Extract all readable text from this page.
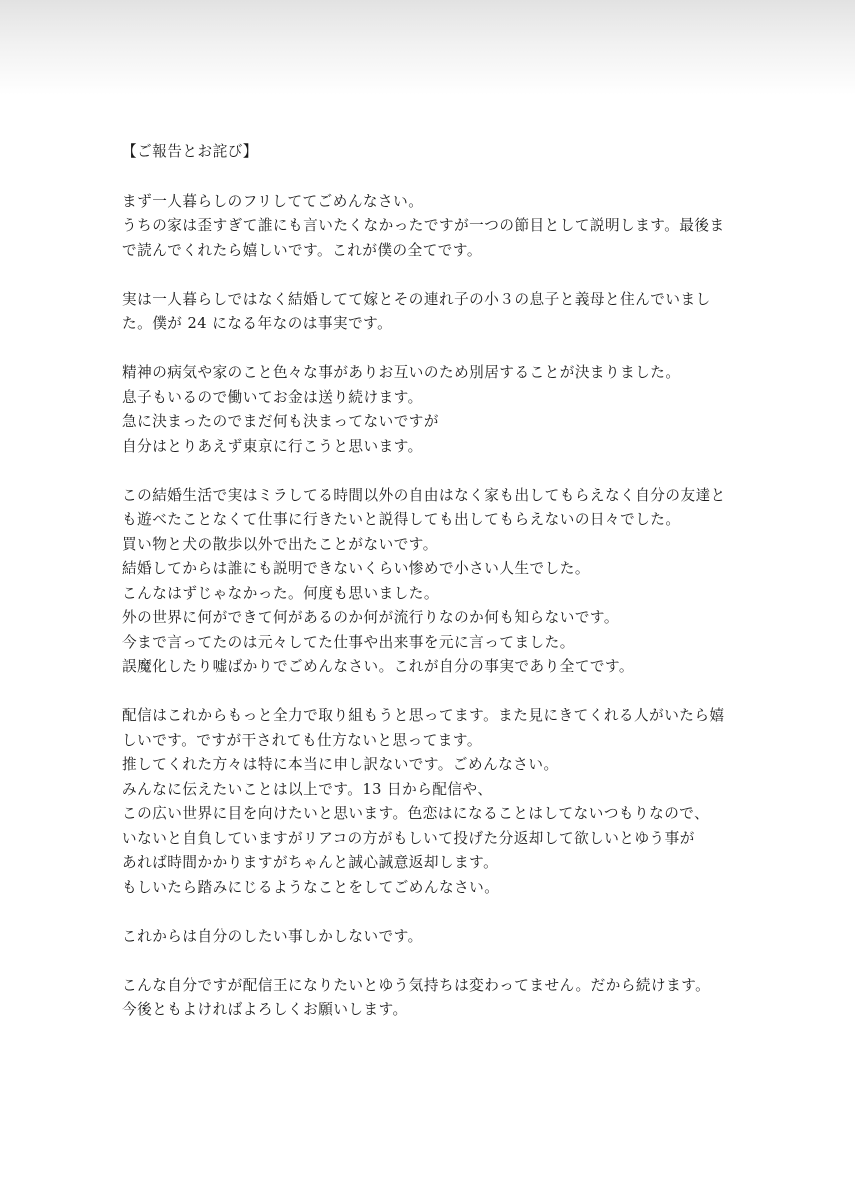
【ご報告とお詫び】
まず一人暮らしのフリしててごめんなさい。
うちの家は歪すぎて誰にも言いたくなかったですが一つの節目として説明します。最後ま
で読んでくれたら嬉しいです。これが僕の全てです。
実は一人暮らしではなく結婚してて嫁とその連れ子の小３の息子と義母と住んでいまし
た。僕が 24 になる年なのは事実です。
精神の病気や家のこと色々な事がありお互いのため別居することが決まりました。
息子もいるので働いてお金は送り続けます。
急に決まったのでまだ何も決まってないですが
自分はとりあえず東京に行こうと思います。
この結婚生活で実はミラしてる時間以外の自由はなく家も出してもらえなく自分の友達と
も遊べたことなくて仕事に行きたいと説得しても出してもらえないの日々でした。
買い物と犬の散歩以外で出たことがないです。
結婚してからは誰にも説明できないくらい惨めで小さい人生でした。
こんなはずじゃなかった。何度も思いました。
外の世界に何ができて何があるのか何が流行りなのか何も知らないです。
今まで言ってたのは元々してた仕事や出来事を元に言ってました。
誤魔化したり嘘ばかりでごめんなさい。これが自分の事実であり全てです。
配信はこれからもっと全力で取り組もうと思ってます。また見にきてくれる人がいたら嬉
しいです。ですが干されても仕方ないと思ってます。
推してくれた方々は特に本当に申し訳ないです。ごめんなさい。
みんなに伝えたいことは以上です。13 日から配信や、
この広い世界に目を向けたいと思います。色恋はになることはしてないつもりなので、
いないと自負していますがリアコの方がもしいて投げた分返却して欲しいとゆう事が
あれば時間かかりますがちゃんと誠心誠意返却します。
もしいたら踏みにじるようなことをしてごめんなさい。
これからは自分のしたい事しかしないです。
こんな自分ですが配信王になりたいとゆう気持ちは変わってません。だから続けます。
今後ともよければよろしくお願いします。
